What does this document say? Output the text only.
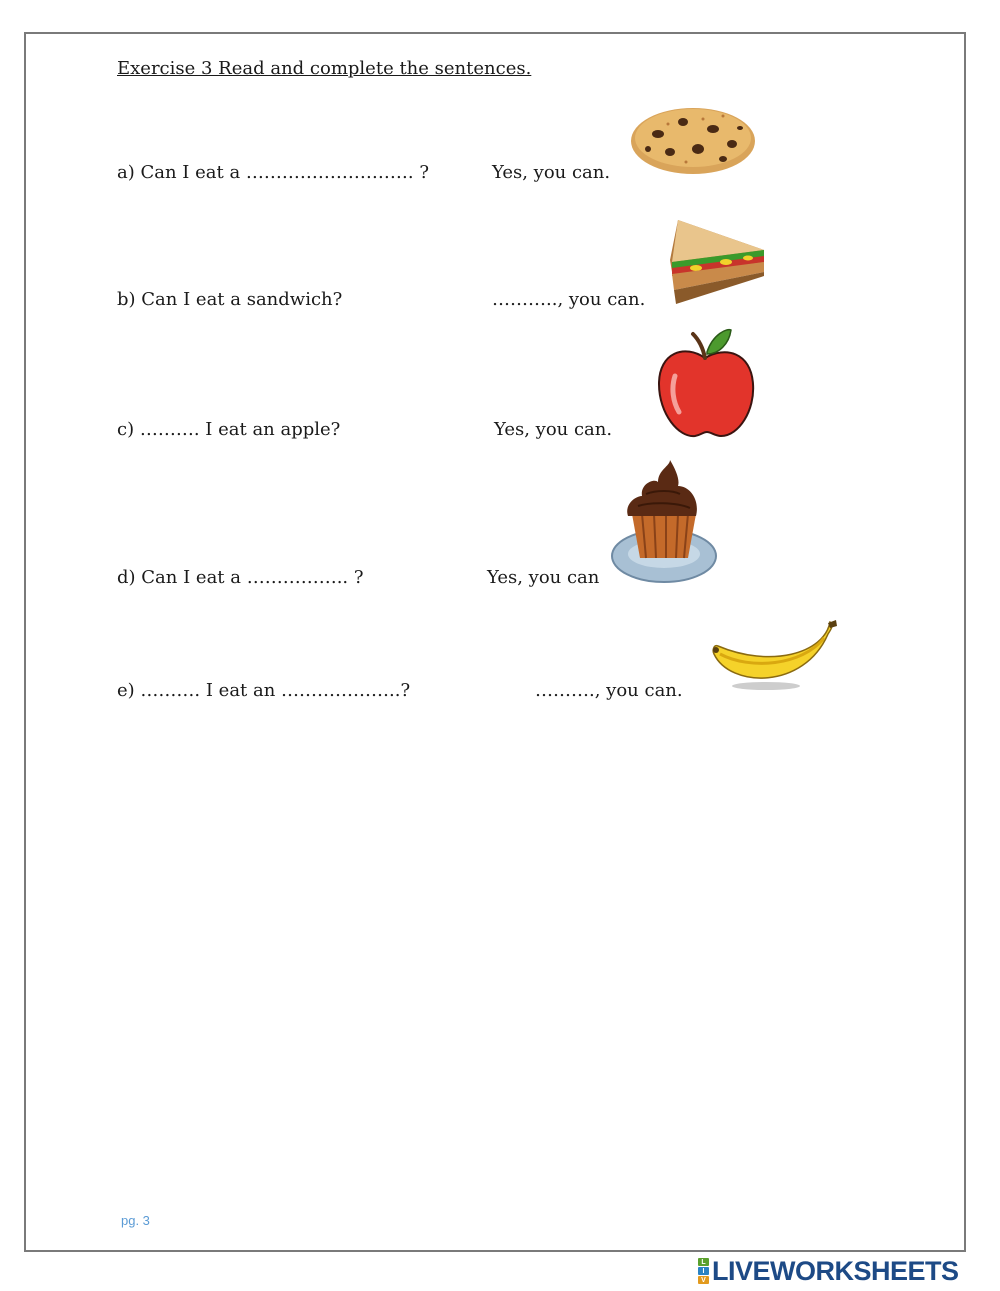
Exercise 3 Read and complete the sentences.
a) Can I eat a ………………………. ?	Yes, you can.
b) Can I eat a sandwich?	……….., you can.
c) ………. I eat an apple?	Yes, you can.
d) Can I eat a …………….. ?	Yes, you can
e) ………. I eat an ………………..?	………., you can.
pg. 3
L
I
V LIVEWORKSHEETS
